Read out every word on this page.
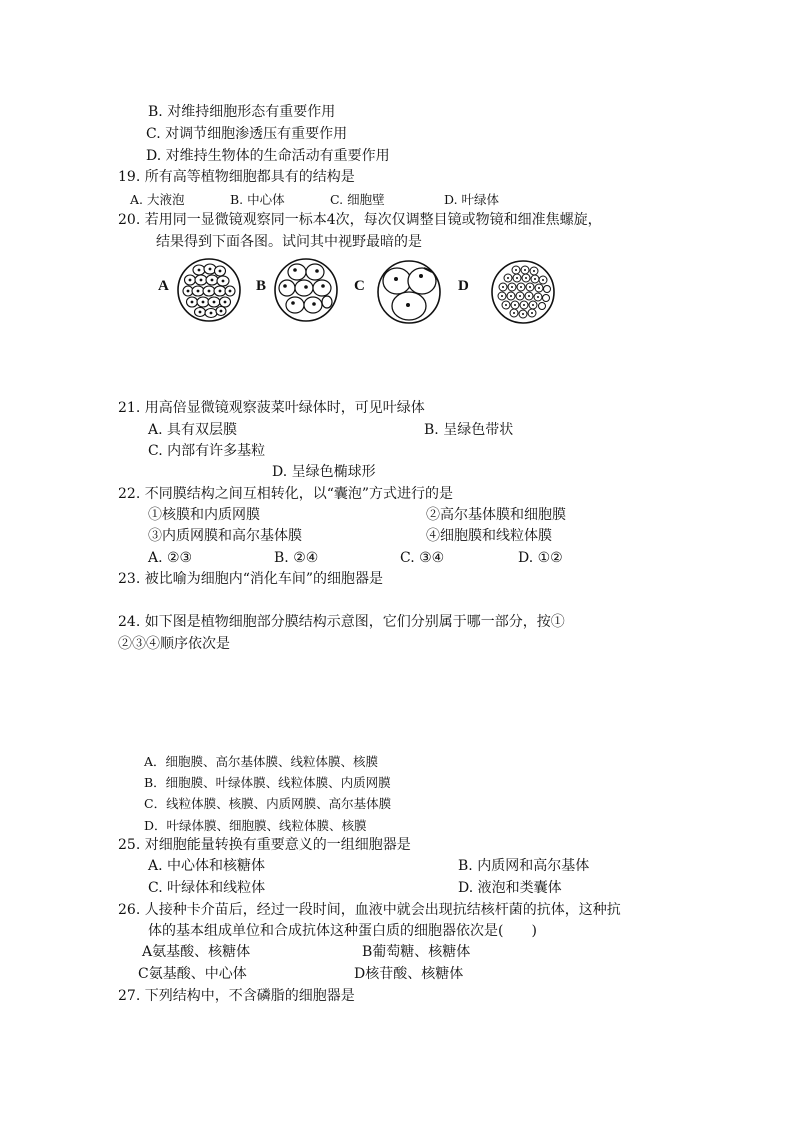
B. 对维持细胞形态有重要作用
C. 对调节细胞渗透压有重要作用
D. 对维持生物体的生命活动有重要作用
19. 所有高等植物细胞都具有的结构是
A. 大液泡	B. 中心体	C. 细胞壁	D. 叶绿体
20. 若用同一显微镜观察同一标本4次，每次仅调整目镜或物镜和细准焦螺旋，
结果得到下面各图。试问其中视野最暗的是
A	B	C	D
21. 用高倍显微镜观察菠菜叶绿体时，可见叶绿体
A. 具有双层膜	B. 呈绿色带状
C. 内部有许多基粒
D. 呈绿色椭球形
22. 不同膜结构之间互相转化，以“囊泡”方式进行的是
①核膜和内质网膜	②高尔基体膜和细胞膜
③内质网膜和高尔基体膜	④细胞膜和线粒体膜
A. ②③	B. ②④	C. ③④	D. ①②
23. 被比喻为细胞内“消化车间”的细胞器是
24. 如下图是植物细胞部分膜结构示意图，它们分别属于哪一部分，按①
②③④顺序依次是
A．细胞膜、高尔基体膜、线粒体膜、核膜
B．细胞膜、叶绿体膜、线粒体膜、内质网膜
C．线粒体膜、核膜、内质网膜、高尔基体膜
D．叶绿体膜、细胞膜、线粒体膜、核膜
25. 对细胞能量转换有重要意义的一组细胞器是
A. 中心体和核糖体	B. 内质网和高尔基体
C. 叶绿体和线粒体	D. 液泡和类囊体
26. 人接种卡介苗后，经过一段时间，血液中就会出现抗结核杆菌的抗体，这种抗
体的基本组成单位和合成抗体这种蛋白质的细胞器依次是(　　)
A氨基酸、核糖体	B葡萄糖、核糖体
C氨基酸、中心体	D核苷酸、核糖体
27. 下列结构中，不含磷脂的细胞器是
